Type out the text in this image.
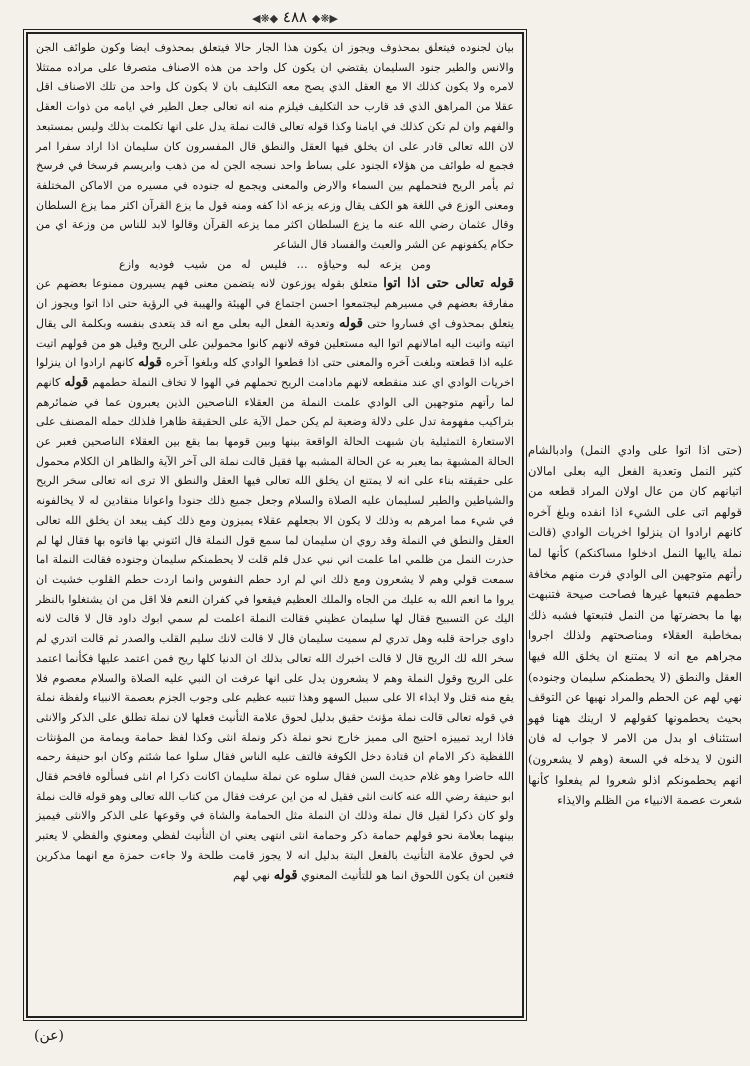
◀❋◆ ٤٨٨ ◆❋▶

بيان لجنوده فيتعلق بمحذوف ويجوز ان يكون هذا الجار حالا فيتعلق بمحذوف ايضا وكون طوائف الجن والانس والطير جنود السليمان يقتضي ان يكون كل واحد من هذه الاصناف متصرفا على مراده ممتثلا لامره ولا يكون كذلك الا مع العقل الذي يصح معه التكليف بان لا يكون كل واحد من تلك الاصناف اقل عقلا من المراهق الذي قد قارب حد التكليف فيلزم منه انه تعالى جعل الطير في ايامه من ذوات العقل والفهم وان لم تكن كذلك في ايامنا وكذا قوله تعالى قالت نملة يدل على انها تكلمت بذلك وليس بمستبعد لان الله تعالى قادر على ان يخلق فيها العقل والنطق قال المفسرون كان سليمان اذا اراد سفرا امر فجمع له طوائف من هؤلاء الجنود على بساط واحد نسجه الجن له من ذهب وابريسم فرسخا في فرسخ ثم يأمر الريح فتحملهم بين السماء والارض والمعنى ويجمع له جنوده في مسيره من الاماكن المختلفة ومعنى الوزع في اللغة هو الكف يقال وزعه يزعه اذا كفه ومنه قول ما يزع القرآن اكثر مما يزع السلطان وقال عثمان رضي الله عنه ما يزع السلطان اكثر مما يزعه القرآن وقالوا لابد للناس من وزعة اي من حكام يكفونهم عن الشر والعبث والفساد قال الشاعر

ومن يزعه لبه وحياؤه … فليس له من شيب فوديه وازع

قوله تعالى حتى اذا اتوا متعلق بقوله يوزعون لانه يتضمن معنى فهم يسيرون ممنوعا بعضهم عن مفارقة بعضهم في مسيرهم ليجتمعوا احسن اجتماع في الهيئة والهيبة في الرؤية حتى اذا اتوا ويجوز ان يتعلق بمحذوف اي فساروا حتى قوله وتعدية الفعل اليه بعلى مع انه قد يتعدى بنفسه وبكلمة الى يقال اتيته واتيت اليه امالانهم اتوا اليه مستعلين فوقه لانهم كانوا محمولين على الريح وقيل هو من قولهم اتيت عليه اذا قطعته وبلغت آخره والمعنى حتى اذا قطعوا الوادي كله وبلغوا آخره قوله كانهم ارادوا ان ينزلوا اخريات الوادي اي عند منقطعه لانهم مادامت الريح تحملهم في الهوا لا تخاف النملة حطمهم قوله كانهم لما رأتهم متوجهين الى الوادي علمت النملة من العقلاء الناصحين الذين يعبرون عما في ضمائرهم بتراكيب مفهومة تدل على دلالة وضعية لم يكن حمل الآية على الحقيقة ظاهرا فلذلك حمله المصنف على الاستعارة التمثيلية بان شبهت الحالة الواقعة بينها وبين قومها بما يقع بين العقلاء الناصحين فعبر عن الحالة المشبهة بما يعبر به عن الحالة المشبه بها فقيل قالت نملة الى آخر الآية والظاهر ان الكلام محمول على حقيقته بناء على انه لا يمتنع ان يخلق الله تعالى فيها العقل والنطق الا ترى انه تعالى سخر الريح والشياطين والطير لسليمان عليه الصلاة والسلام وجعل جميع ذلك جنودا واعوانا منقادين له لا يخالفونه في شيء مما امرهم به وذلك لا يكون الا بجعلهم عقلاء يميزون ومع ذلك كيف يبعد ان يخلق الله تعالى العقل والنطق في النملة وقد روي ان سليمان لما سمع قول النملة قال ائتوني بها فاتوه بها فقال لها لم حذرت النمل من ظلمي اما علمت اني نبي عدل فلم قلت لا يحطمنكم سليمان وجنوده فقالت النملة اما سمعت قولي وهم لا يشعرون ومع ذلك اني لم ارد حطم النفوس وانما اردت حطم القلوب خشيت ان يروا ما انعم الله به عليك من الجاه والملك العظيم فيقعوا في كفران النعم فلا اقل من ان يشتغلوا بالنظر اليك عن التسبيح فقال لها سليمان عظيني فقالت النملة اعلمت لم سمي ابوك داود قال لا قالت لانه داوى جراحة قلبه وهل تدري لم سميت سليمان قال لا قالت لانك سليم القلب والصدر ثم قالت اتدري لم سخر الله لك الريح قال لا قالت اخبرك الله تعالى بذلك ان الدنيا كلها ريح فمن اعتمد عليها فكأنما اعتمد على الريح وقول النملة وهم لا يشعرون يدل على انها عرفت ان النبي عليه الصلاة والسلام معصوم فلا يقع منه قتل ولا ايذاء الا على سبيل السهو وهذا تنبيه عظيم على وجوب الجزم بعصمة الانبياء ولفظة نملة في قوله تعالى قالت نملة مؤنث حقيق بدليل لحوق علامة التأنيث فعلها لان نملة تطلق على الذكر والانثى فاذا اريد تمييزه احتيج الى مميز خارج نحو نملة ذكر ونملة انثى وكذا لفظ حمامة ويمامة من المؤنثات اللفظية ذكر الامام ان قتادة دخل الكوفة فالتف عليه الناس فقال سلوا عما شئتم وكان ابو حنيفة رحمه الله حاضرا وهو غلام حديث السن فقال سلوه عن نملة سليمان اكانت ذكرا ام انثى فسألوه فافحم فقال ابو حنيفة رضي الله عنه كانت انثى فقيل له من اين عرفت فقال من كتاب الله تعالى وهو قوله قالت نملة ولو كان ذكرا لقيل قال نملة وذلك ان النملة مثل الحمامة والشاة في وقوعها على الذكر والانثى فيميز بينهما بعلامة نحو قولهم حمامة ذكر وحمامة انثى انتهى يعني ان التأنيث لفظي ومعنوي والفظي لا يعتبر في لحوق علامة التأنيث بالفعل البتة بدليل انه لا يجوز قامت طلحة ولا جاءت حمزة مع انهما مذكرين فتعين ان يكون اللحوق انما هو للتأنيث المعنوي قوله نهي لهم

(حتى اذا اتوا على وادي النمل) وادبالشام كثير النمل وتعدية الفعل اليه بعلى امالان اتيانهم كان من عال اولان المراد قطعه من قولهم اتى على الشيء اذا انفده وبلغ آخره كانهم ارادوا ان ينزلوا اخريات الوادي (قالت نملة ياايها النمل ادخلوا مساكنكم) كأنها لما رأتهم متوجهين الى الوادي فرت منهم مخافة حطمهم فتبعها غيرها فصاحت صيحة فتنبهت بها ما بحضرتها من النمل فتبعتها فشبه ذلك بمخاطبة العقلاء ومناصحتهم ولذلك اجروا مجراهم مع انه لا يمتنع ان يخلق الله فيها العقل والنطق (لا يحطمنكم سليمان وجنوده) نهي لهم عن الحطم والمراد نهيها عن التوقف بحيث يحطمونها كقولهم لا ارينك ههنا فهو استئناف او بدل من الامر لا جواب له فان النون لا يدخله في السعة (وهم لا يشعرون) انهم يحطمونكم اذلو شعروا لم يفعلوا كأنها شعرت عصمة الانبياء من الظلم والايذاء

(عن)
